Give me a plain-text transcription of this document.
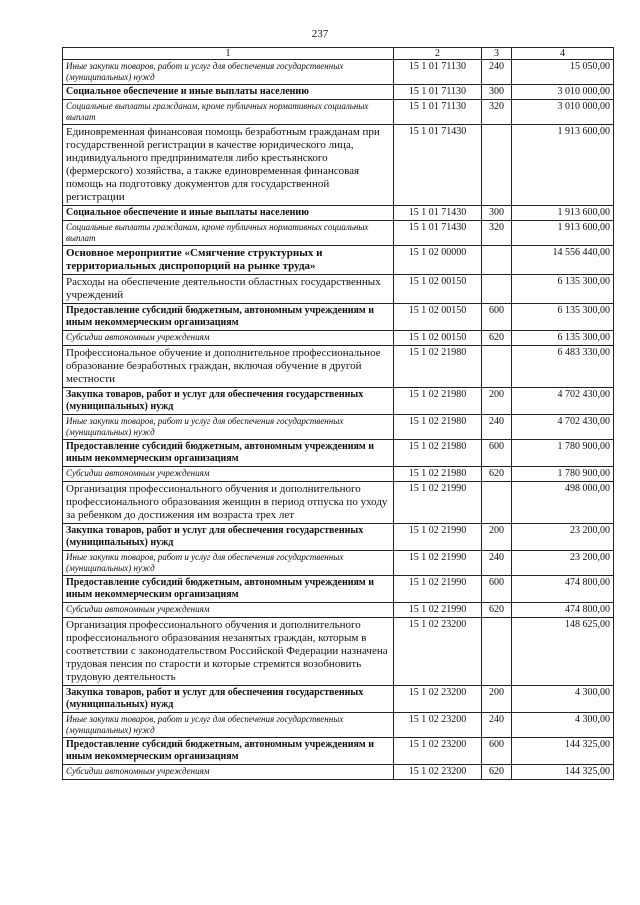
237
1	2	3	4
Иные закупки товаров, работ и услуг для обеспечения государственных (муниципальных) нужд	15 1 01 71130	240	15 050,00
Социальное обеспечение и иные выплаты населению	15 1 01 71130	300	3 010 000,00
Социальные выплаты гражданам, кроме публичных нормативных социальных выплат	15 1 01 71130	320	3 010 000,00
Единовременная финансовая помощь безработным гражданам при государственной регистрации в качестве юридического лица, индивидуального предпринимателя либо крестьянского (фермерского) хозяйства, а также единовременная финансовая помощь на подготовку документов для государственной регистрации	15 1 01 71430		1 913 600,00
Социальное обеспечение и иные выплаты населению	15 1 01 71430	300	1 913 600,00
Социальные выплаты гражданам, кроме публичных нормативных социальных выплат	15 1 01 71430	320	1 913 600,00
Основное мероприятие «Смягчение структурных и территориальных диспропорций на рынке труда»	15 1 02 00000		14 556 440,00
Расходы на обеспечение деятельности областных государственных учреждений	15 1 02 00150		6 135 300,00
Предоставление субсидий бюджетным, автономным учреждениям и иным некоммерческим организациям	15 1 02 00150	600	6 135 300,00
Субсидии автономным учреждениям	15 1 02 00150	620	6 135 300,00
Профессиональное обучение и дополнительное профессиональное образование безработных граждан, включая обучение в другой местности	15 1 02 21980		6 483 330,00
Закупка товаров, работ и услуг для обеспечения государственных (муниципальных) нужд	15 1 02 21980	200	4 702 430,00
Иные закупки товаров, работ и услуг для обеспечения государственных (муниципальных) нужд	15 1 02 21980	240	4 702 430,00
Предоставление субсидий бюджетным, автономным учреждениям и иным некоммерческим организациям	15 1 02 21980	600	1 780 900,00
Субсидии автономным учреждениям	15 1 02 21980	620	1 780 900,00
Организация профессионального обучения и дополнительного профессионального образования женщин в период отпуска по уходу за ребенком до достижения им возраста трех лет	15 1 02 21990		498 000,00
Закупка товаров, работ и услуг для обеспечения государственных (муниципальных) нужд	15 1 02 21990	200	23 200,00
Иные закупки товаров, работ и услуг для обеспечения государственных (муниципальных) нужд	15 1 02 21990	240	23 200,00
Предоставление субсидий бюджетным, автономным учреждениям и иным некоммерческим организациям	15 1 02 21990	600	474 800,00
Субсидии автономным учреждениям	15 1 02 21990	620	474 800,00
Организация профессионального обучения и дополнительного профессионального образования незанятых граждан, которым в соответствии с законодательством Российской Федерации назначена трудовая пенсия по старости и которые стремятся возобновить трудовую деятельность	15 1 02 23200		148 625,00
Закупка товаров, работ и услуг для обеспечения государственных (муниципальных) нужд	15 1 02 23200	200	4 300,00
Иные закупки товаров, работ и услуг для обеспечения государственных (муниципальных) нужд	15 1 02 23200	240	4 300,00
Предоставление субсидий бюджетным, автономным учреждениям и иным некоммерческим организациям	15 1 02 23200	600	144 325,00
Субсидии автономным учреждениям	15 1 02 23200	620	144 325,00
